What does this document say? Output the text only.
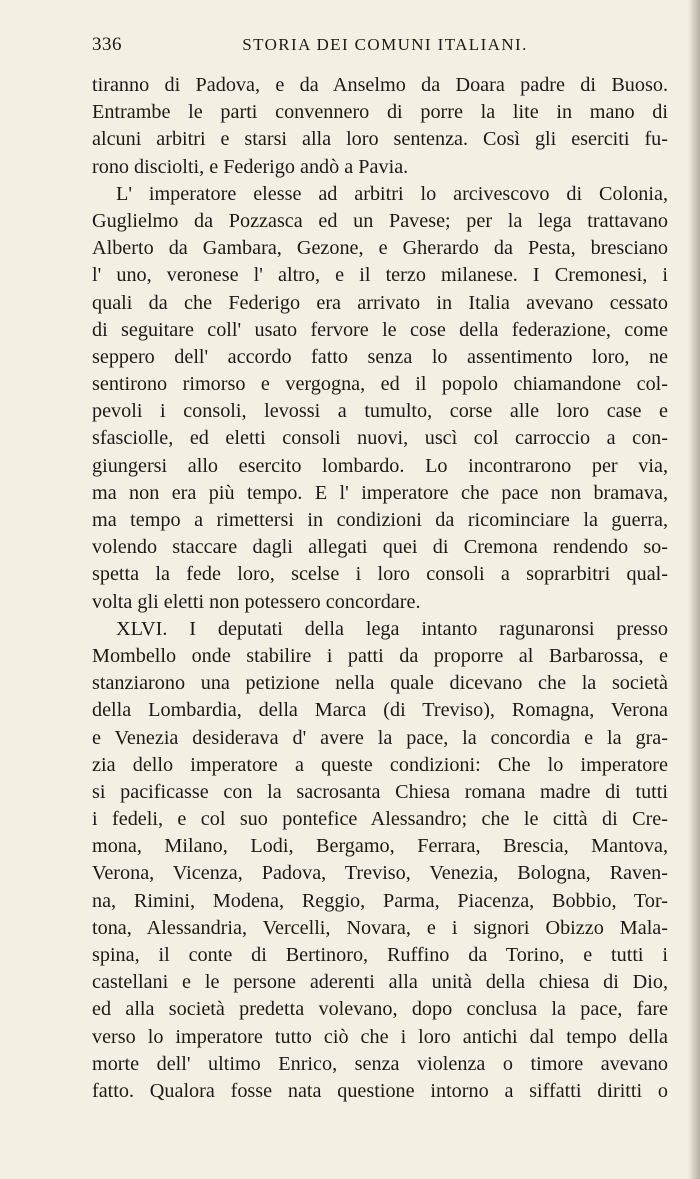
336	STORIA DEI COMUNI ITALIANI.
tiranno di Padova, e da Anselmo da Doara padre di Buoso.
Entrambe le parti convennero di porre la lite in mano di
alcuni arbitri e starsi alla loro sentenza. Così gli eserciti fu-
rono disciolti, e Federigo andò a Pavia.
L' imperatore elesse ad arbitri lo arcivescovo di Colonia,
Guglielmo da Pozzasca ed un Pavese; per la lega trattavano
Alberto da Gambara, Gezone, e Gherardo da Pesta, bresciano
l' uno, veronese l' altro, e il terzo milanese. I Cremonesi, i
quali da che Federigo era arrivato in Italia avevano cessato
di seguitare coll' usato fervore le cose della federazione, come
seppero dell' accordo fatto senza lo assentimento loro, ne
sentirono rimorso e vergogna, ed il popolo chiamandone col-
pevoli i consoli, levossi a tumulto, corse alle loro case e
sfasciolle, ed eletti consoli nuovi, uscì col carroccio a con-
giungersi allo esercito lombardo. Lo incontrarono per via,
ma non era più tempo. E l' imperatore che pace non bramava,
ma tempo a rimettersi in condizioni da ricominciare la guerra,
volendo staccare dagli allegati quei di Cremona rendendo so-
spetta la fede loro, scelse i loro consoli a soprarbitri qual-
volta gli eletti non potessero concordare.
XLVI. I deputati della lega intanto ragunaronsi presso
Mombello onde stabilire i patti da proporre al Barbarossa, e
stanziarono una petizione nella quale dicevano che la società
della Lombardia, della Marca (di Treviso), Romagna, Verona
e Venezia desiderava d' avere la pace, la concordia e la gra-
zia dello imperatore a queste condizioni: Che lo imperatore
si pacificasse con la sacrosanta Chiesa romana madre di tutti
i fedeli, e col suo pontefice Alessandro; che le città di Cre-
mona, Milano, Lodi, Bergamo, Ferrara, Brescia, Mantova,
Verona, Vicenza, Padova, Treviso, Venezia, Bologna, Raven-
na, Rimini, Modena, Reggio, Parma, Piacenza, Bobbio, Tor-
tona, Alessandria, Vercelli, Novara, e i signori Obizzo Mala-
spina, il conte di Bertinoro, Ruffino da Torino, e tutti i
castellani e le persone aderenti alla unità della chiesa di Dio,
ed alla società predetta volevano, dopo conclusa la pace, fare
verso lo imperatore tutto ciò che i loro antichi dal tempo della
morte dell' ultimo Enrico, senza violenza o timore avevano
fatto. Qualora fosse nata questione intorno a siffatti diritti o
